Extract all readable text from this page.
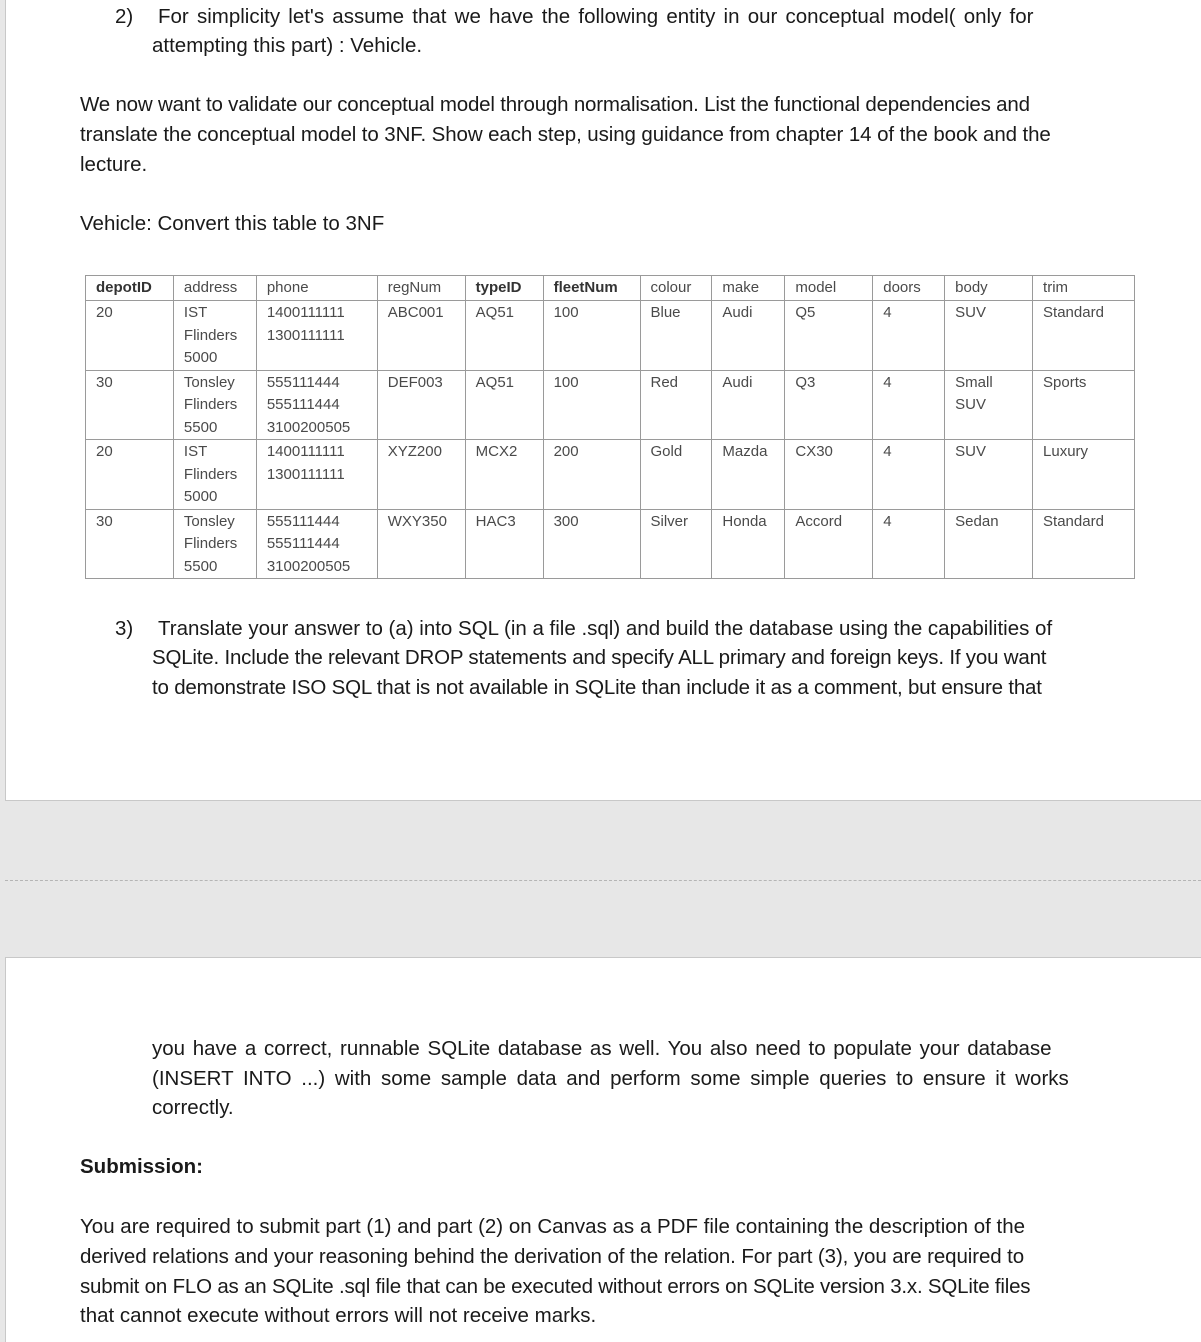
2) For simplicity let's assume that we have the following entity in our conceptual model( only for
attempting this part) : Vehicle.
We now want to validate our conceptual model through normalisation. List the functional dependencies and
translate the conceptual model to 3NF. Show each step, using guidance from chapter 14 of the book and the
lecture.
Vehicle: Convert this table to 3NF
depotID	address	phone	regNum	typeID	fleetNum	colour	make	model	doors	body	trim
20	IST
Flinders
5000	1400111111
1300111111	ABC001	AQ51	100	Blue	Audi	Q5	4	SUV	Standard
30	Tonsley
Flinders
5500	555111444
555111444
3100200505	DEF003	AQ51	100	Red	Audi	Q3	4	Small
SUV	Sports
20	IST
Flinders
5000	1400111111
1300111111	XYZ200	MCX2	200	Gold	Mazda	CX30	4	SUV	Luxury
30	Tonsley
Flinders
5500	555111444
555111444
3100200505	WXY350	HAC3	300	Silver	Honda	Accord	4	Sedan	Standard
3) Translate your answer to (a) into SQL (in a file .sql) and build the database using the capabilities of
SQLite. Include the relevant DROP statements and specify ALL primary and foreign keys. If you want
to demonstrate ISO SQL that is not available in SQLite than include it as a comment, but ensure that
you have a correct, runnable SQLite database as well. You also need to populate your database
(INSERT INTO ...) with some sample data and perform some simple queries to ensure it works
correctly.
Submission:
You are required to submit part (1) and part (2) on Canvas as a PDF file containing the description of the
derived relations and your reasoning behind the derivation of the relation. For part (3), you are required to
submit on FLO as an SQLite .sql file that can be executed without errors on SQLite version 3.x. SQLite files
that cannot execute without errors will not receive marks.
